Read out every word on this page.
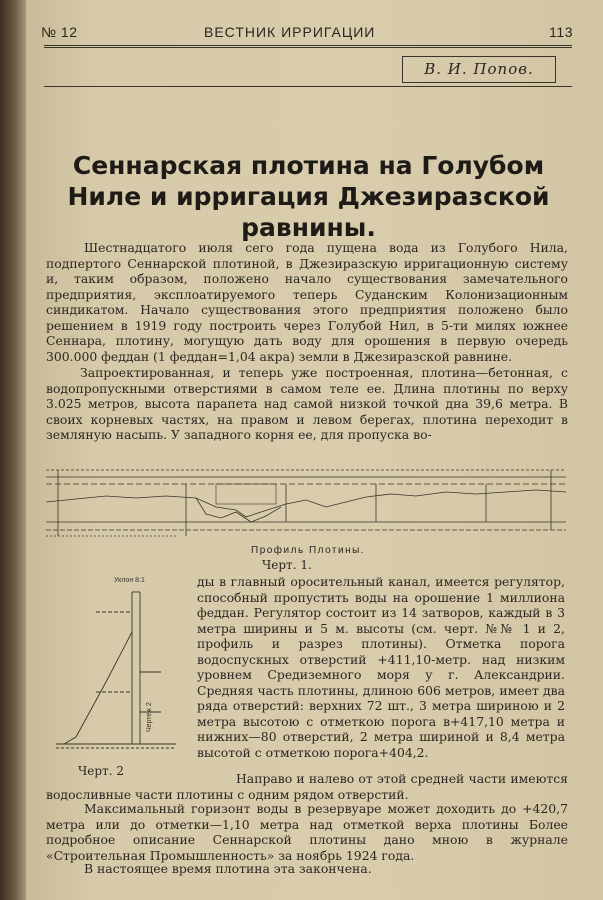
№ 12	ВЕСТНИК ИРРИГАЦИИ	113
В. И. Попов.
Сеннарская плотина на Голубом Ниле и ирригация Джезиразской равнины.

Шестнадцатого июля сего года пущена вода из Голубого Нила, подпертого Сеннарской плотиной, в Джезиразскую ирригационную систему и, таким образом, положено начало существования замечательного предприятия, эксплоатируемого теперь Суданским Колонизационным синдикатом. Начало существования этого предприятия положено было решением в 1919 году построить через Голубой Нил, в 5-ти милях южнее Сеннара, плотину, могущую дать воду для орошения в первую очередь 300.000 феддан (1 феддан=1,04 акра) земли в Джезиразской равнине.

Запроектированная, и теперь уже построенная, плотина—бетонная, с водопропускными отверстиями в самом теле ее. Длина плотины по верху 3.025 метров, высота парапета над самой низкой точкой дна 39,6 метра. В своих корневых частях, на правом и левом берегах, плотина переходит в земляную насыпь. У западного корня ее, для пропуска во-

Профиль Плотины.
Черт. 1.
Уклон 8:1
Чертеж 2
Черт. 2

ды в главный оросительный канал, имеется регулятор, способный пропустить воды на орошение 1 миллиона феддан. Регулятор состоит из 14 затворов, каждый в 3 метра ширины и 5 м. высоты (см. черт. №№ 1 и 2, профиль и разрез плотины). Отметка порога водоспускных отверстий +411,10-метр. над низким уровнем Средиземного моря у г. Александрии. Средняя часть плотины, длиною 606 метров, имеет два ряда отверстий: верхних 72 шт., 3 метра шириною и 2 метра высотою с отметкою порога в+417,10 метра и нижних—80 отверстий, 2 метра шириной и 8,4 метра высотой с отметкою порога+404,2.

Направо и налево от этой средней части имеются водосливные части плотины с одним рядом отверстий.

Максимальный горизонт воды в резервуаре может доходить до +420,7 метра или до отметки—1,10 метра над отметкой верха плотины Более подробное описание Сеннарской плотины дано мною в журнале «Строительная Промышленность» за ноябрь 1924 года.

В настоящее время плотина эта закончена.
